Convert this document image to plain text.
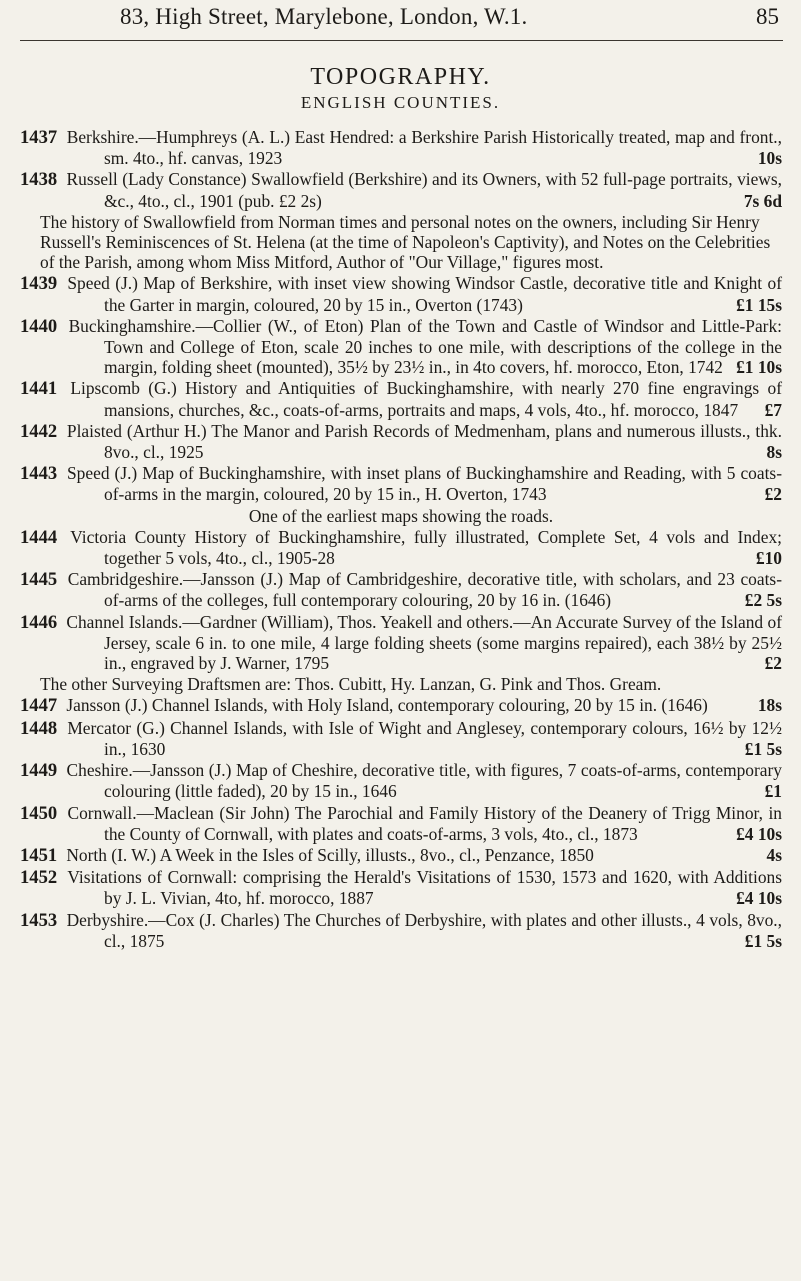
83, High Street, Marylebone, London, W.1.	85
TOPOGRAPHY.
ENGLISH COUNTIES.

1437 Berkshire.—Humphreys (A. L.) East Hendred: a Berkshire Parish Historically treated, map and front., sm. 4to., hf. canvas, 1923	10s

1438 Russell (Lady Constance) Swallowfield (Berkshire) and its Owners, with 52 full-page portraits, views, &c., 4to., cl., 1901 (pub. £2 2s)	7s 6d

The history of Swallowfield from Norman times and personal notes on the owners, including Sir Henry Russell's Reminiscences of St. Helena (at the time of Napoleon's Captivity), and Notes on the Celebrities of the Parish, among whom Miss Mitford, Author of "Our Village," figures most.

1439 Speed (J.) Map of Berkshire, with inset view showing Windsor Castle, decorative title and Knight of the Garter in margin, coloured, 20 by 15 in., Overton (1743)	£1 15s

1440 Buckinghamshire.—Collier (W., of Eton) Plan of the Town and Castle of Windsor and Little-Park: Town and College of Eton, scale 20 inches to one mile, with descriptions of the college in the margin, folding sheet (mounted), 35½ by 23½ in., in 4to covers, hf. morocco, Eton, 1742 £1 10s

1441 Lipscomb (G.) History and Antiquities of Buckinghamshire, with nearly 270 fine engravings of mansions, churches, &c., coats-of-arms, portraits and maps, 4 vols, 4to., hf. morocco, 1847	£7

1442 Plaisted (Arthur H.) The Manor and Parish Records of Medmenham, plans and numerous illusts., thk. 8vo., cl., 1925	8s

1443 Speed (J.) Map of Buckinghamshire, with inset plans of Buckinghamshire and Reading, with 5 coats-of-arms in the margin, coloured, 20 by 15 in., H. Overton, 1743	£2

One of the earliest maps showing the roads.

1444 Victoria County History of Buckinghamshire, fully illustrated, Complete Set, 4 vols and Index; together 5 vols, 4to., cl., 1905-28	£10

1445 Cambridgeshire.—Jansson (J.) Map of Cambridgeshire, decorative title, with scholars, and 23 coats-of-arms of the colleges, full contemporary colouring, 20 by 16 in. (1646)	£2 5s

1446 Channel Islands.—Gardner (William), Thos. Yeakell and others.—An Accurate Survey of the Island of Jersey, scale 6 in. to one mile, 4 large folding sheets (some margins repaired), each 38½ by 25½ in., engraved by J. Warner, 1795	£2

The other Surveying Draftsmen are: Thos. Cubitt, Hy. Lanzan, G. Pink and Thos. Gream.

1447 Jansson (J.) Channel Islands, with Holy Island, contemporary colouring, 20 by 15 in. (1646)	18s

1448 Mercator (G.) Channel Islands, with Isle of Wight and Anglesey, contemporary colours, 16½ by 12½ in., 1630	£1 5s

1449 Cheshire.—Jansson (J.) Map of Cheshire, decorative title, with figures, 7 coats-of-arms, contemporary colouring (little faded), 20 by 15 in., 1646	£1

1450 Cornwall.—Maclean (Sir John) The Parochial and Family History of the Deanery of Trigg Minor, in the County of Cornwall, with plates and coats-of-arms, 3 vols, 4to., cl., 1873	£4 10s

1451 North (I. W.) A Week in the Isles of Scilly, illusts., 8vo., cl., Penzance, 1850	4s

1452 Visitations of Cornwall: comprising the Herald's Visitations of 1530, 1573 and 1620, with Additions by J. L. Vivian, 4to, hf. morocco, 1887	£4 10s

1453 Derbyshire.—Cox (J. Charles) The Churches of Derbyshire, with plates and other illusts., 4 vols, 8vo., cl., 1875	£1 5s
